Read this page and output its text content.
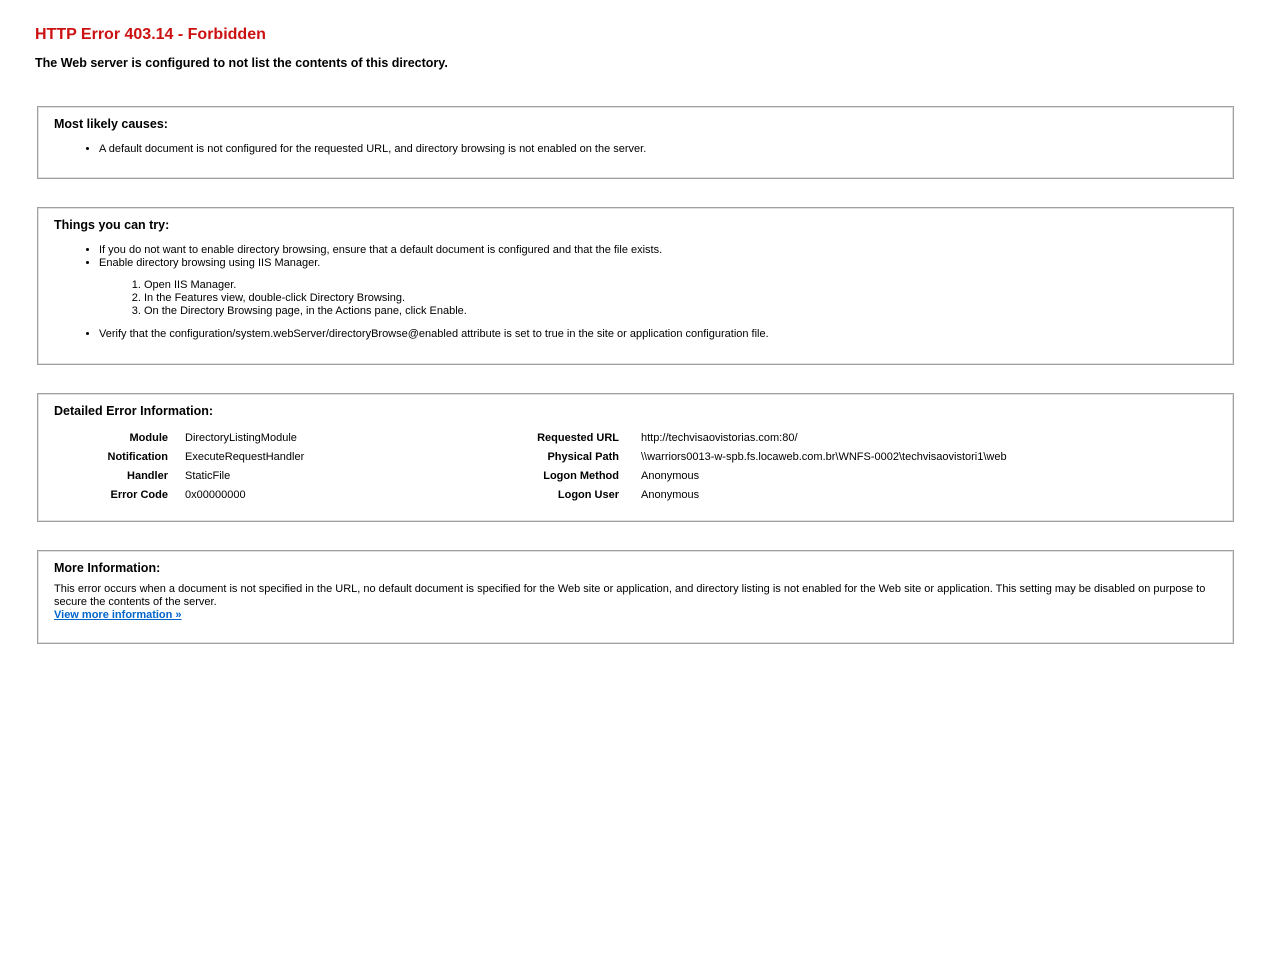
HTTP Error 403.14 - Forbidden
The Web server is configured to not list the contents of this directory.
Most likely causes:
• A default document is not configured for the requested URL, and directory browsing is not enabled on the server.
Things you can try:
• If you do not want to enable directory browsing, ensure that a default document is configured and that the file exists.
• Enable directory browsing using IIS Manager.
1. Open IIS Manager.
2. In the Features view, double-click Directory Browsing.
3. On the Directory Browsing page, in the Actions pane, click Enable.
• Verify that the configuration/system.webServer/directoryBrowse@enabled attribute is set to true in the site or application configuration file.
Detailed Error Information:
Module	DirectoryListingModule
Notification	ExecuteRequestHandler
Handler	StaticFile
Error Code	0x00000000
Requested URL	http://techvisaovistorias.com:80/
Physical Path	\\warriors0013-w-spb.fs.locaweb.com.br\WNFS-0002\techvisaovistori1\web
Logon Method	Anonymous
Logon User	Anonymous
More Information:
This error occurs when a document is not specified in the URL, no default document is specified for the Web site or application, and directory listing is not enabled for the Web site or application. This setting may be disabled on purpose to secure the contents of the server.
View more information »
